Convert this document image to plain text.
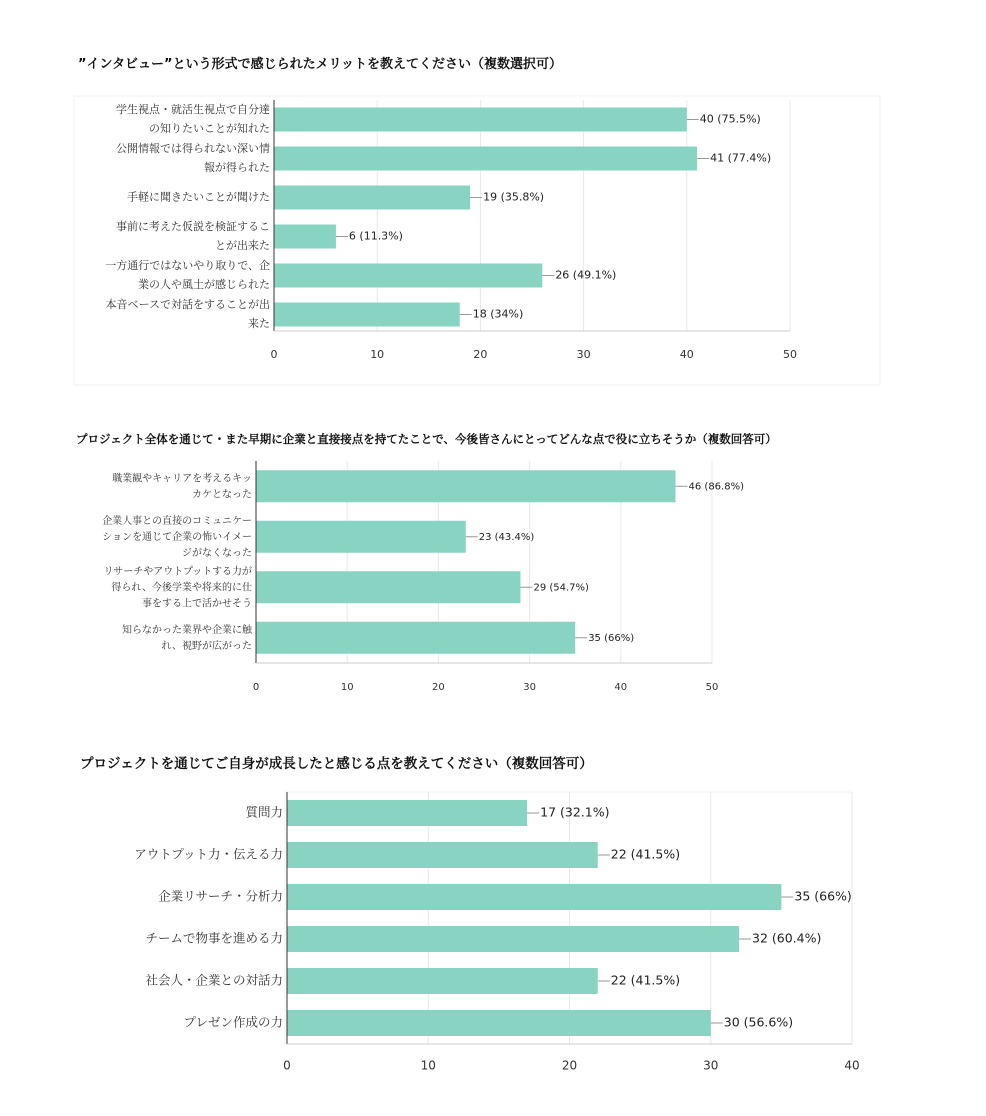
”インタビュー”という形式で感じられたメリットを教えてください（複数選択可）
プロジェクト全体を通じて・また早期に企業と直接接点を持てたことで、今後皆さんにとってどんな点で役に立ちそうか（複数回答可）
プロジェクトを通じてご自身が成長したと感じる点を教えてください（複数回答可）
40 (75.5%)
学生視点・就活生視点で自分達
の知りたいことが知れた
41 (77.4%)
公開情報では得られない深い情
報が得られた
19 (35.8%)
手軽に聞きたいことが聞けた
6 (11.3%)
事前に考えた仮説を検証するこ
とが出来た
26 (49.1%)
一方通行ではないやり取りで、企
業の人や風土が感じられた
18 (34%)
本音ベースで対話をすることが出
来た
0	10	20	30	40	50
46 (86.8%)
職業観やキャリアを考えるキッ
カケとなった
23 (43.4%)
企業人事との直接のコミュニケー
ションを通じて企業の怖いイメー
ジがなくなった
29 (54.7%)
リサーチやアウトプットする力が
得られ、今後学業や将来的に仕
事をする上で活かせそう
35 (66%)
知らなかった業界や企業に触
れ、視野が広がった
0	10	20	30	40	50
17 (32.1%)
質問力
22 (41.5%)
アウトプット力・伝える力
35 (66%)
企業リサーチ・分析力
32 (60.4%)
チームで物事を進める力
22 (41.5%)
社会人・企業との対話力
30 (56.6%)
プレゼン作成の力
0	10	20	30	40
